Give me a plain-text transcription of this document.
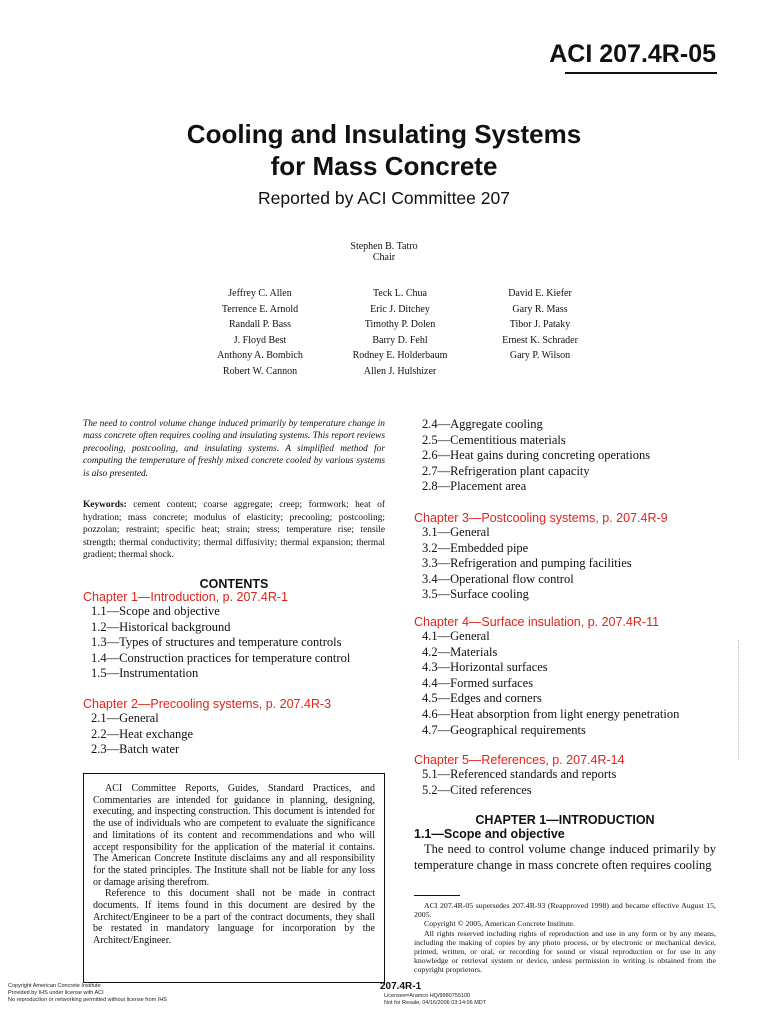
ACI 207.4R-05
Cooling and Insulating Systems
for Mass Concrete
Reported by ACI Committee 207
Stephen B. Tatro
Chair
Jeffrey C. Allen
Terrence E. Arnold
Randall P. Bass
J. Floyd Best
Anthony A. Bombich
Robert W. Cannon
Teck L. Chua
Eric J. Ditchey
Timothy P. Dolen
Barry D. Fehl
Rodney E. Holderbaum
Allen J. Hulshizer
David E. Kiefer
Gary R. Mass
Tibor J. Pataky
Ernest K. Schrader
Gary P. Wilson
The need to control volume change induced primarily by temperature change in mass concrete often requires cooling and insulating systems. This report reviews precooling, postcooling, and insulating systems. A simplified method for computing the temperature of freshly mixed concrete cooled by various systems is also presented.
Keywords: cement content; coarse aggregate; creep; formwork; heat of hydration; mass concrete; modulus of elasticity; precooling; postcooling; pozzolan; restraint; specific heat; strain; stress; temperature rise; tensile strength; thermal conductivity; thermal diffusivity; thermal expansion; thermal gradient; thermal shock.
CONTENTS
Chapter 1—Introduction, p. 207.4R-1
1.1—Scope and objective
1.2—Historical background
1.3—Types of structures and temperature controls
1.4—Construction practices for temperature control
1.5—Instrumentation
Chapter 2—Precooling systems, p. 207.4R-3
2.1—General
2.2—Heat exchange
2.3—Batch water

ACI Committee Reports, Guides, Standard Practices, and Commentaries are intended for guidance in planning, designing, executing, and inspecting construction. This document is intended for the use of individuals who are competent to evaluate the significance and limitations of its content and recommendations and who will accept responsibility for the application of the material it contains. The American Concrete Institute disclaims any and all responsibility for the stated principles. The Institute shall not be liable for any loss or damage arising therefrom.

Reference to this document shall not be made in contract documents. If items found in this document are desired by the Architect/Engineer to be a part of the contract documents, they shall be restated in mandatory language for incorporation by the Architect/Engineer.

2.4—Aggregate cooling
2.5—Cementitious materials
2.6—Heat gains during concreting operations
2.7—Refrigeration plant capacity
2.8—Placement area
Chapter 3—Postcooling systems, p. 207.4R-9
3.1—General
3.2—Embedded pipe
3.3—Refrigeration and pumping facilities
3.4—Operational flow control
3.5—Surface cooling
Chapter 4—Surface insulation, p. 207.4R-11
4.1—General
4.2—Materials
4.3—Horizontal surfaces
4.4—Formed surfaces
4.5—Edges and corners
4.6—Heat absorption from light energy penetration
4.7—Geographical requirements
Chapter 5—References, p. 207.4R-14
5.1—Referenced standards and reports
5.2—Cited references
CHAPTER 1—INTRODUCTION
1.1—Scope and objective
The need to control volume change induced primarily by temperature change in mass concrete often requires cooling

ACI 207.4R-05 supersedes 207.4R-93 (Reapproved 1998) and became effective August 15, 2005.

Copyright © 2005, American Concrete Institute.

All rights reserved including rights of reproduction and use in any form or by any means, including the making of copies by any photo process, or by electronic or mechanical device, printed, written, or oral, or recording for sound or visual reproduction or for use in any knowledge or retrieval system or device, unless permission in writing is obtained from the copyright proprietors.

Copyright American Concrete Institute
Provided by IHS under license with ACI
No reproduction or networking permitted without license from IHS
207.4R-1
Licensee=Aramco HQ/9980755100
Not for Resale, 04/16/2006 03:14:06 MDT
